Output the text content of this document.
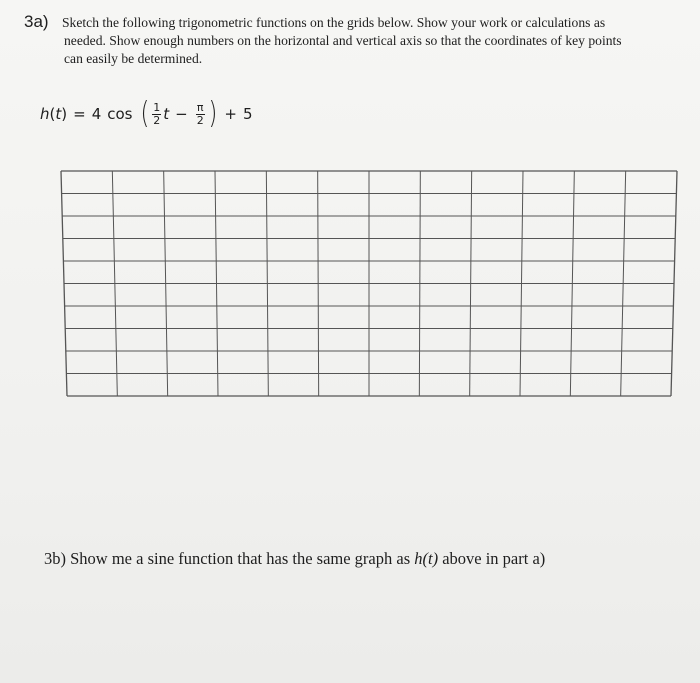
3a) Sketch the following trigonometric functions on the grids below. Show your work or calculations as
needed. Show enough numbers on the horizontal and vertical axis so that the coordinates of key points
can easily be determined.
h ( t ) = 4 cos ( $\frac{1}{2}$ $t - \frac{\pi}{2}$ ) + 5
3b) Show me a sine function that has the same graph as h(t) above in part a)
